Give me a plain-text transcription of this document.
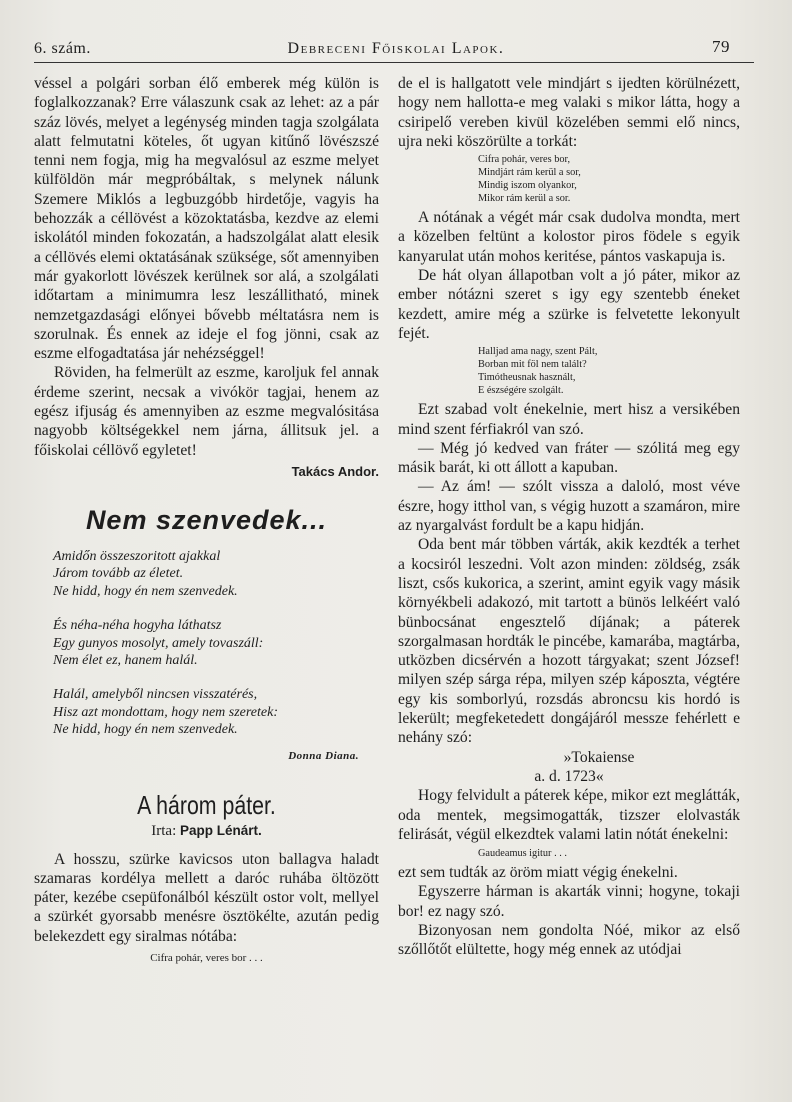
6. szám.	Debreceni Főiskolai Lapok.	79

véssel a polgári sorban élő emberek még külön is foglalkozzanak? Erre válaszunk csak az lehet: az a pár száz lövés, melyet a legénység minden tagja szolgálata alatt felmutatni köteles, őt ugyan kitűnő lövészszé tenni nem fogja, mig ha megvalósul az eszme melyet külföldön már megpróbáltak, s melynek nálunk Szemere Miklós a legbuzgóbb hirdetője, vagyis ha behozzák a céllövést a közoktatásba, kezdve az elemi iskolától minden fokozatán, a hadszolgálat alatt elesik a céllövés elemi oktatásának szüksége, sőt amennyiben már gyakorlott lövészek kerülnek sor alá, a szolgálati időtartam a minimumra lesz leszállitható, minek nemzetgazdasági előnyei bővebb méltatásra nem is szorulnak. És ennek az ideje el fog jönni, csak az eszme elfogadtatása jár nehézséggel!

Röviden, ha felmerült az eszme, karoljuk fel annak érdeme szerint, necsak a vivókör tagjai, henem az egész ifjuság és amennyiben az eszme megvalósitása nagyobb költségekkel nem járna, állitsuk jel. a főiskolai céllövő egyletet!

Takács Andor.

Nem szenvedek...

Amidőn összeszoritott ajakkal

Járom tovább az életet.

Ne hidd, hogy én nem szenvedek.

És néha-néha hogyha láthatsz

Egy gunyos mosolyt, amely tovaszáll:

Nem élet ez, hanem halál.

Halál, amelyből nincsen visszatérés,

Hisz azt mondottam, hogy nem szeretek:

Ne hidd, hogy én nem szenvedek.

Donna Diana.

A három páter.

Irta: Papp Lénárt.

A hosszu, szürke kavicsos uton ballagva haladt szamaras kordélya mellett a daróc ruhába öltözött páter, kezébe csepüfonálból készült ostor volt, mellyel a szürkét gyorsabb menésre ösztökélte, azután pedig belekezdett egy siralmas nótába:

Cifra pohár, veres bor . . .

de el is hallgatott vele mindjárt s ijedten körülnézett, hogy nem hallotta-e meg valaki s mikor látta, hogy a csiripelő vereben kivül közelében semmi elő nincs, ujra neki köszörülte a torkát:

Cifra pohár, veres bor,

Mindjárt rám kerül a sor,

Mindig iszom olyankor,

Mikor rám kerül a sor.

A nótának a végét már csak dudolva mondta, mert a közelben feltünt a kolostor piros födele s egyik kanyarulat után mohos keritése, pántos vaskapuja is.

De hát olyan állapotban volt a jó páter, mikor az ember nótázni szeret s igy egy szentebb éneket kezdett, amire még a szürke is felvetette lekonyult fejét.

Halljad ama nagy, szent Pált,

Borban mit föl nem talált?

Timótheusnak használt,

E észségére szolgált.

Ezt szabad volt énekelnie, mert hisz a versikében mind szent férfiakról van szó.

— Még jó kedved van fráter — szólitá meg egy másik barát, ki ott állott a kapuban.

— Az ám! — szólt vissza a daloló, most véve észre, hogy itthol van, s végig huzott a szamáron, mire az nyargalvást fordult be a kapu hidján.

Oda bent már többen várták, akik kezdték a terhet a kocsiról leszedni. Volt azon minden: zöldség, zsák liszt, csős kukorica, a szerint, amint egyik vagy másik környékbeli adakozó, mit tartott a bünös lelkéért való bünbocsánat engesztelő díjának; a páterek szorgalmasan hordták le pincébe, kamarába, magtárba, utközben dicsérvén a hozott tárgyakat; szent József! milyen szép sárga répa, milyen szép káposzta, végtére egy kis somborlyú, rozsdás abroncsu kis hordó is lekerült; megfeketedett dongájáról messze fehérlett e nehány szó:

»Tokaiense

a. d. 1723«

Hogy felvidult a páterek képe, mikor ezt meglátták, oda mentek, megsimogatták, tizszer elolvasták felirását, végül elkezdtek valami latin nótát énekelni:

Gaudeamus igitur . . .

ezt sem tudták az öröm miatt végig énekelni.

Egyszerre hárman is akarták vinni; hogyne, tokaji bor! ez nagy szó.

Bizonyosan nem gondolta Nóé, mikor az első szőllőtőt elültette, hogy még ennek az utódjai
